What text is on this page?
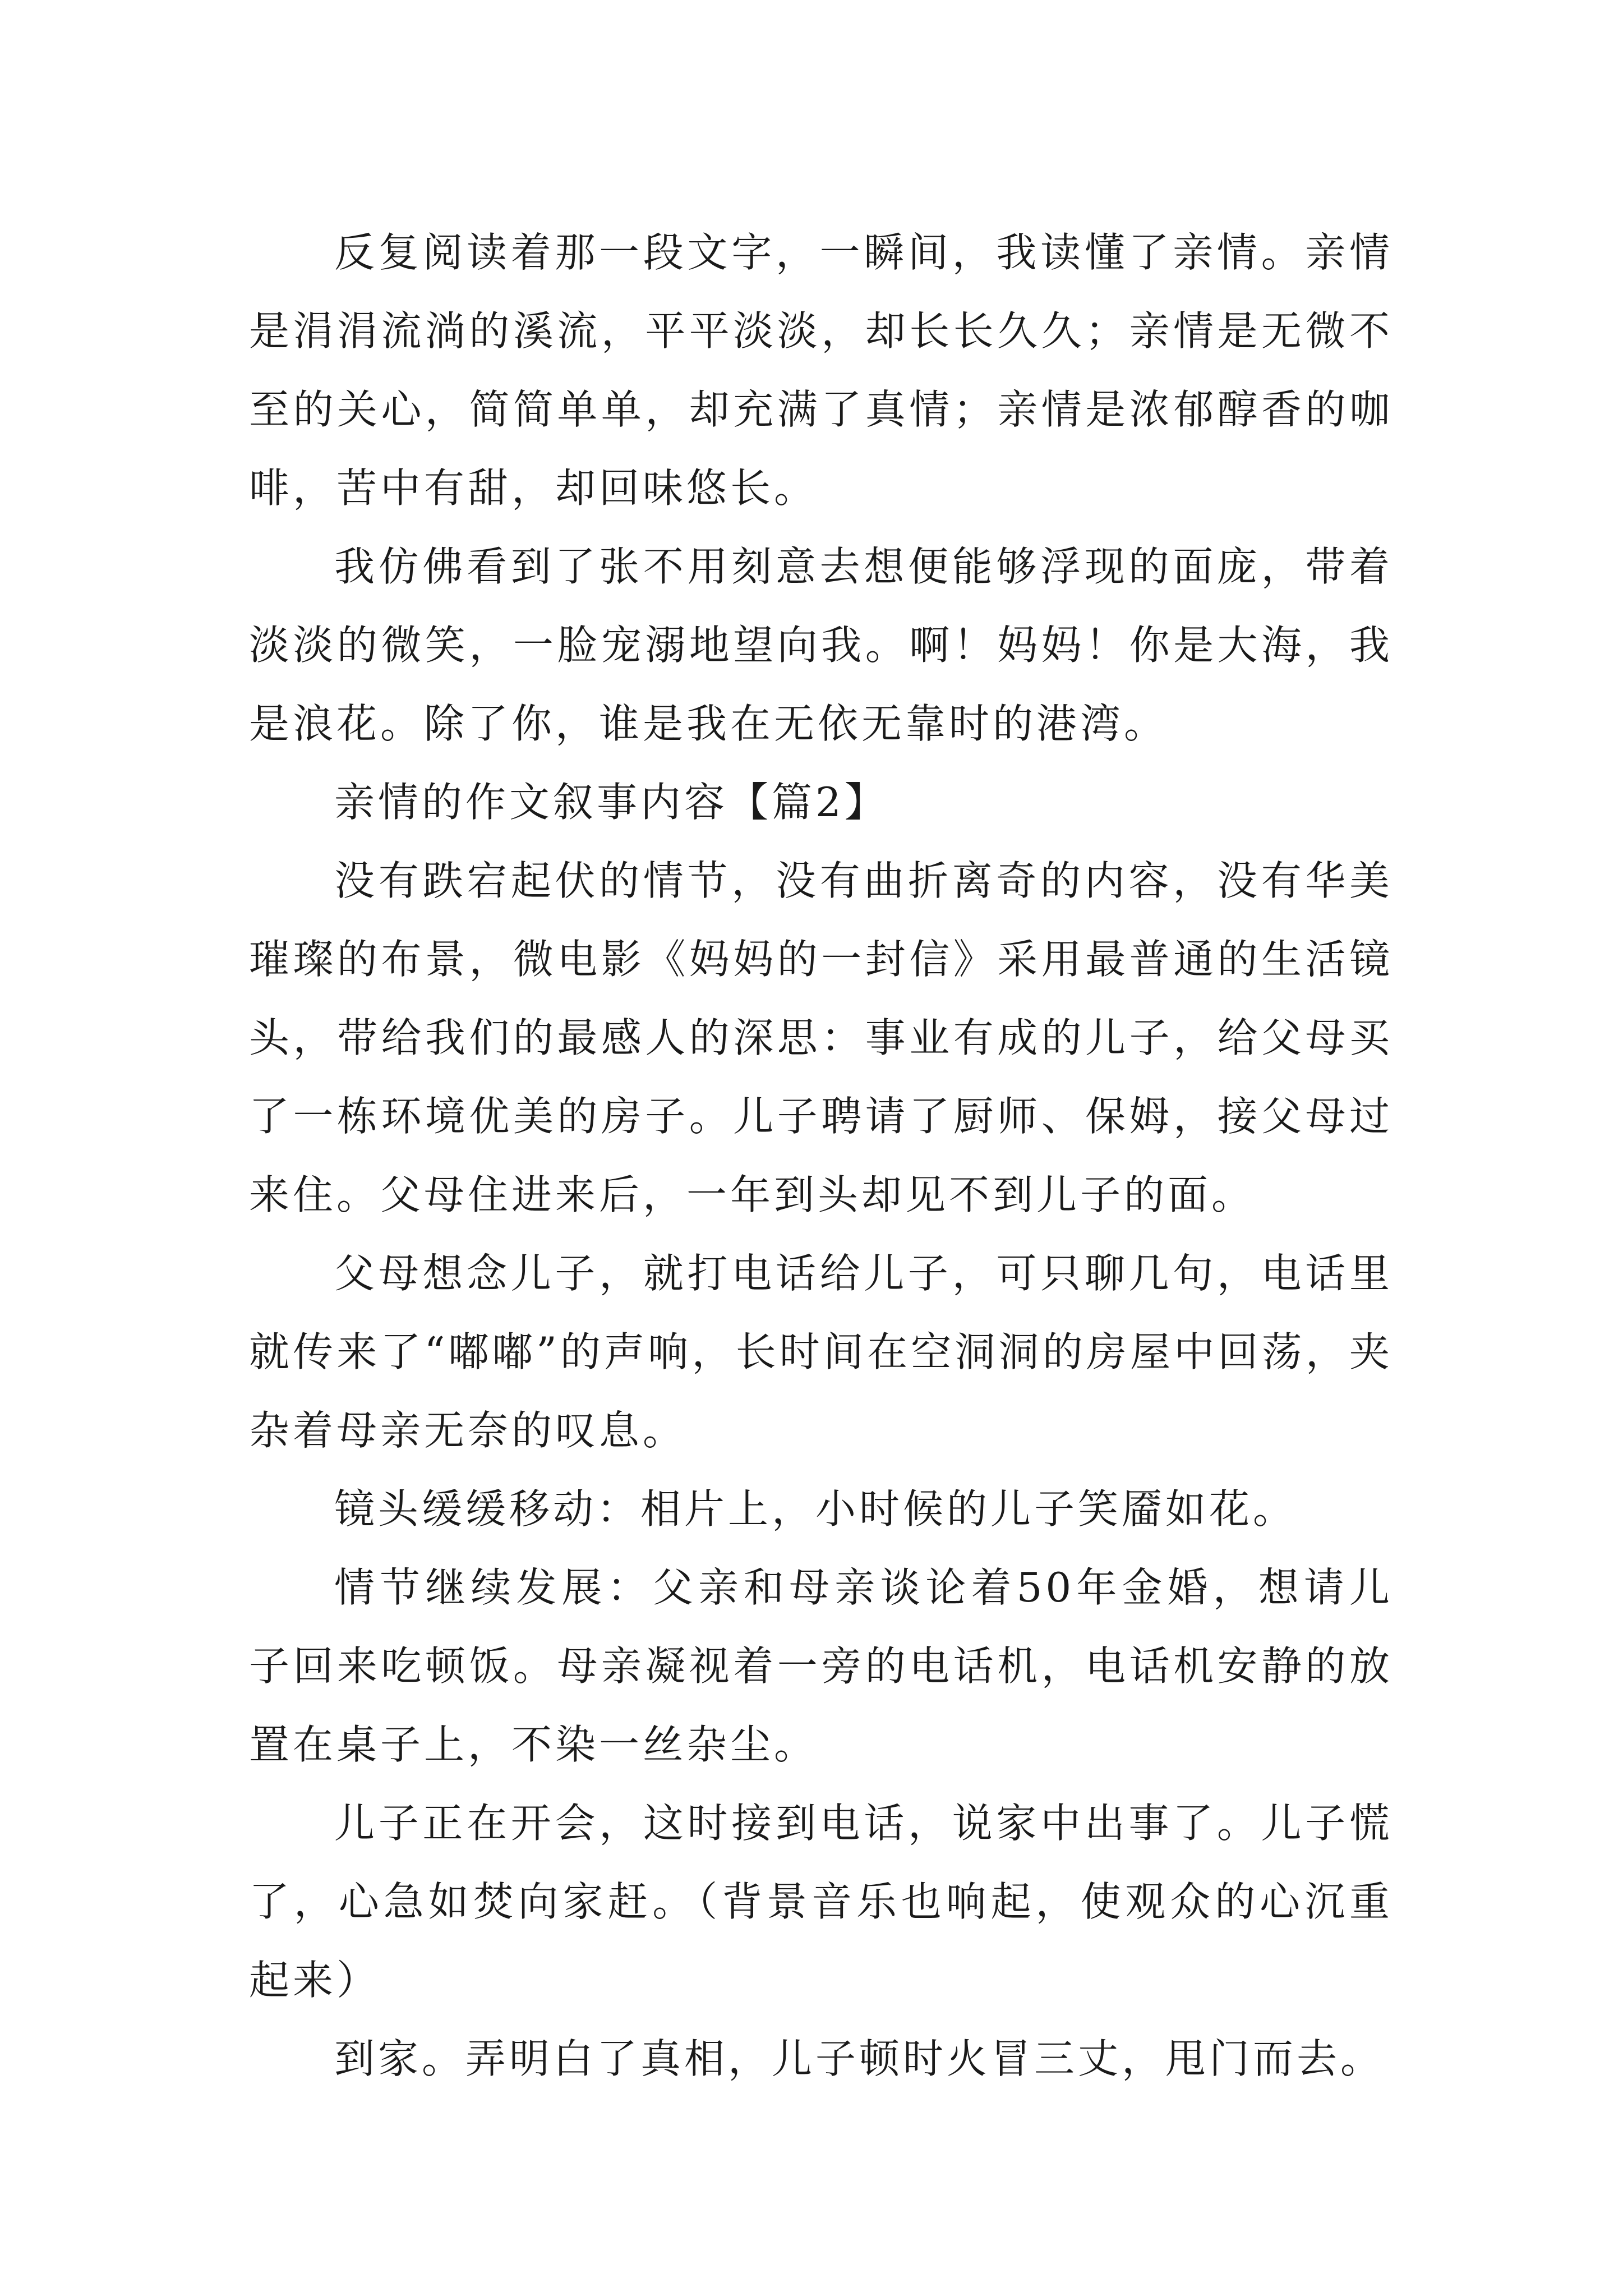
反复阅读着那一段文字，一瞬间，我读懂了亲情。亲情是涓涓流淌的溪流，平平淡淡，却长长久久；亲情是无微不至的关心，简简单单，却充满了真情；亲情是浓郁醇香的咖啡，苦中有甜，却回味悠长。

我仿佛看到了张不用刻意去想便能够浮现的面庞，带着淡淡的微笑，一脸宠溺地望向我。啊！妈妈！你是大海，我是浪花。除了你，谁是我在无依无靠时的港湾。

亲情的作文叙事内容【篇2】

没有跌宕起伏的情节，没有曲折离奇的内容，没有华美璀璨的布景，微电影《妈妈的一封信》采用最普通的生活镜头，带给我们的最感人的深思：事业有成的儿子，给父母买了一栋环境优美的房子。儿子聘请了厨师、保姆，接父母过来住。父母住进来后，一年到头却见不到儿子的面。

父母想念儿子，就打电话给儿子，可只聊几句，电话里就传来了“嘟嘟”的声响，长时间在空洞洞的房屋中回荡，夹杂着母亲无奈的叹息。

镜头缓缓移动：相片上，小时候的儿子笑靥如花。

情节继续发展：父亲和母亲谈论着50年金婚，想请儿子回来吃顿饭。母亲凝视着一旁的电话机，电话机安静的放置在桌子上，不染一丝杂尘。

儿子正在开会，这时接到电话，说家中出事了。儿子慌了，心急如焚向家赶。（背景音乐也响起，使观众的心沉重起来）

到家。弄明白了真相，儿子顿时火冒三丈，甩门而去。
